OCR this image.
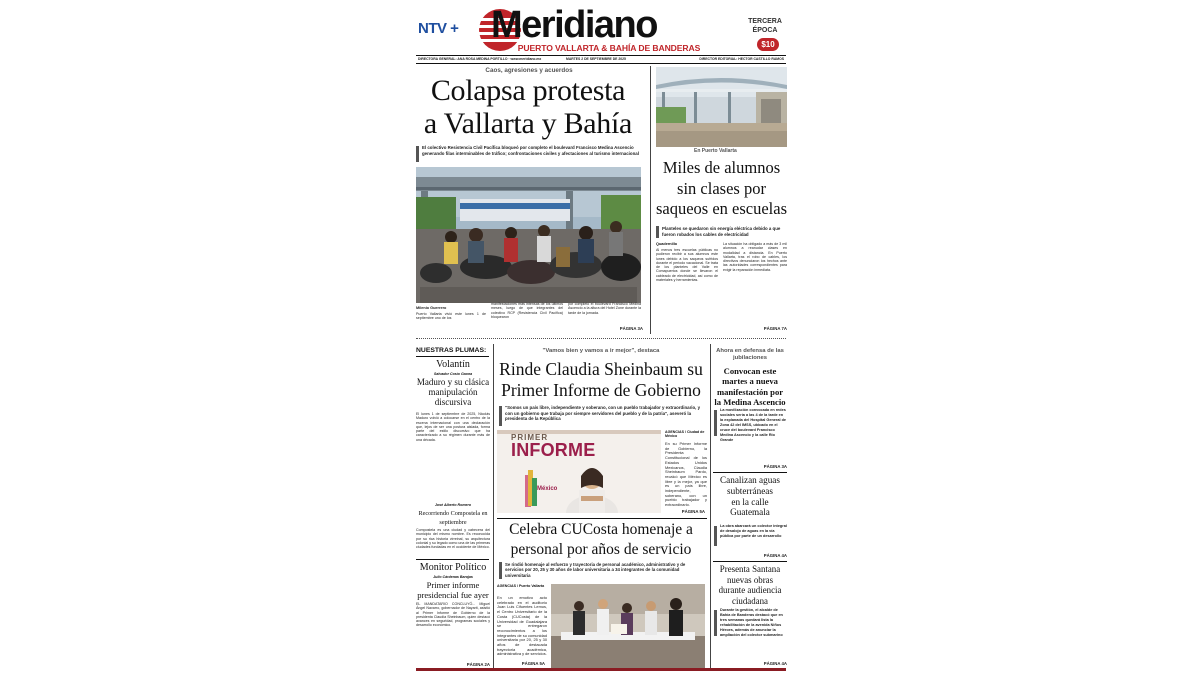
NTV + Meridiano
PUERTO VALLARTA & BAHÍA DE BANDERAS
TERCERA
ÉPOCA
$10
DIRECTORA GENERAL: ANA ROSA MEDINA PORTILLO · www.meridiano.mx	MARTES 2 DE SEPTIEMBRE DE 2025	DIRECTOR EDITORIAL: HECTOR CASTILLO RAMOS
Caos, agresiones y acuerdos
Colapsa protesta
a Vallarta y Bahía
El colectivo Resistencia Civil Pacífica bloqueó por completo el boulevard Francisco Medina Ascencio generando filas interminables de tráfico; confrontaciones civiles y afectaciones al turismo internacional
Milenio Guerrero
Puerto Vallarta vivió este lunes 1 de septiembre uno de los
manifestaciones más intensas de los últimos meses, luego de que integrantes del colectivo RCP (Resistencia Civil Pacífica) bloquearon
por completo el boulevard Francisco Medina Ascencio a la altura del Hotel Zone durante la tarde de la jornada.
PÁGINA 3A
En Puerto Vallarta
Miles de alumnos
sin clases por
saqueos en escuelas
Planteles se quedaron sin energía eléctrica debido a que fueron robados los cables de electricidad
Quadernillo
Al menos tres escuelas públicas no pudieron recibir a sus alumnos este lunes debido a los saqueos sufridos durante el periodo vacacional. Se trata de los planteles del Valle en Comapuertos donde se llevaron el cableado de electricidad, así como de materiales y herramientas.
La situación ha obligado a más de 3 mil alumnos a reanudar clases en modalidad a distancia. En Puerto Vallarta, tras el robo de cables, los directivos denunciaron los hechos ante las autoridades correspondientes para exigir la reparación inmediata.
PÁGINA 7A
NUESTRAS PLUMAS:
Volantín
Salvador Cosío Gaona
Maduro y su clásica manipulación discursiva
El lunes 1 de septiembre de 2025, Nicolás Maduro volvió a colocarse en el centro de la escena internacional con una declaración que, lejos de ser una postura aislada, forma parte del estilo discursivo que ha caracterizado a su régimen durante más de una década.
José Alberto Romero
Recorriendo Compostela en septiembre
Compostela es una ciudad y cabecera del municipio del mismo nombre. Es reconocida por su rica historia virreinal, su arquitectura colonial y su legado como una de las primeras ciudades fundadas en el occidente de México.
Monitor Político
Julio Cárdenas Barajas
Primer informe presidencial fue ayer
EL MANDATARIO CONCLUYÓ... Miguel Ángel Navarro, gobernador de Nayarit, asistió al Primer Informe de Gobierno de la presidenta Claudia Sheinbaum, quien destacó avances en seguridad, programas sociales y desarrollo económico.
PÁGINA 2A
"Vamos bien y vamos a ir mejor", destaca
Rinde Claudia Sheinbaum su
Primer Informe de Gobierno
"Somos un país libre, independiente y soberano, con un pueblo trabajador y extraordinario, y con un gobierno que trabaja por siempre servidores del pueblo y de la patria", aseveró la presidenta de la República
PRIMER
INFORME
México
AGENCIAS / Ciudad de México
En su Primer Informe de Gobierno, la Presidenta Constitucional de los Estados Unidos Mexicanos, Claudia Sheinbaum Pardo, recalcó que México es libre y la mejor, ya que es un país libre, independiente, soberano, con un pueblo trabajador y extraordinario.
PÁGINA 5A
Celebra CUCosta homenaje a
personal por años de servicio
Se rindió homenaje al esfuerzo y trayectoria de personal académico, administrativo y de servicios por 20, 25 y 30 años de labor universitaria a 34 integrantes de la comunidad universitaria
AGENCIAS / Puerto Vallarta
En un emotivo acto celebrado en el auditorio Juan Luis Cifuentes Lemus, el Centro Universitario de la Costa (CUCosta) de la Universidad de Guadalajara se entregaron reconocimientos a los integrantes de su comunidad universitaria por 20, 25 y 30 años de destacada trayectoria académica, administrativa y de servicios.
PÁGINA 5A
Ahora en defensa de las jubilaciones
Convocan este
martes a nueva
manifestación por
la Medina Ascencio
La movilización convocada en redes sociales sería a las 4 de la tarde en la explanada del Hospital General de Zona 42 del IMSS, ubicado en el cruce del boulevard Francisco Medina Ascencio y la calle Río Grande
PÁGINA 3A
Canalizan aguas
subterráneas
en la calle
Guatemala
La obra abarcará un colector integral de desalojo de aguas en la vía pública por parte de un desarrollo
PÁGINA 4A
Presenta Santana
nuevas obras
durante audiencia
ciudadana
Durante la gestión, el alcalde de Bahía de Banderas destacó que en tres semanas quedará lista la rehabilitación de la avenida Niños Héroes, además de anunciar la ampliación del colector submarino
PÁGINA 4A
